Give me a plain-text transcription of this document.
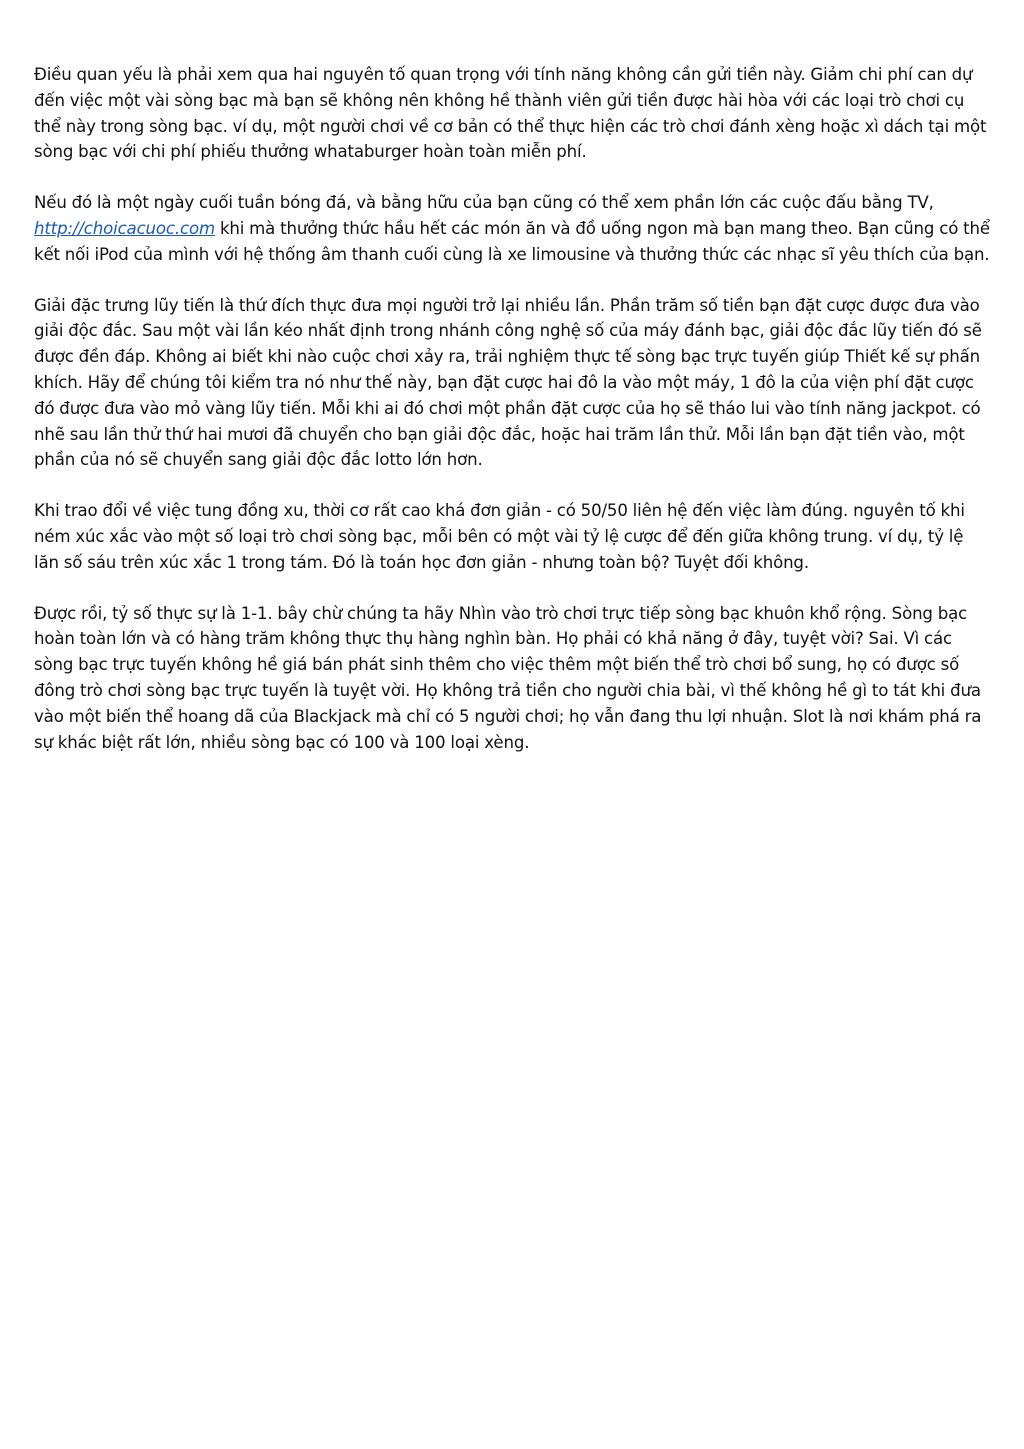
Điều quan yếu là phải xem qua hai nguyên tố quan trọng với tính năng không cần gửi tiền này. Giảm chi phí can dự đến việc một vài sòng bạc mà bạn sẽ không nên không hề thành viên gửi tiền được hài hòa với các loại trò chơi cụ thể này trong sòng bạc. ví dụ, một người chơi về cơ bản có thể thực hiện các trò chơi đánh xèng hoặc xì dách tại một sòng bạc với chi phí phiếu thưởng whataburger hoàn toàn miễn phí.

Nếu đó là một ngày cuối tuần bóng đá, và bằng hữu của bạn cũng có thể xem phần lớn các cuộc đấu bằng TV, http://choicacuoc.com khi mà thưởng thức hầu hết các món ăn và đồ uống ngon mà bạn mang theo. Bạn cũng có thể kết nối iPod của mình với hệ thống âm thanh cuối cùng là xe limousine và thưởng thức các nhạc sĩ yêu thích của bạn.

Giải đặc trưng lũy tiến là thứ đích thực đưa mọi người trở lại nhiều lần. Phần trăm số tiền bạn đặt cược được đưa vào giải độc đắc. Sau một vài lần kéo nhất định trong nhánh công nghệ số của máy đánh bạc, giải độc đắc lũy tiến đó sẽ được đền đáp. Không ai biết khi nào cuộc chơi xảy ra, trải nghiệm thực tế sòng bạc trực tuyến giúp Thiết kế sự phấn khích. Hãy để chúng tôi kiểm tra nó như thế này, bạn đặt cược hai đô la vào một máy, 1 đô la của viện phí đặt cược đó được đưa vào mỏ vàng lũy tiến. Mỗi khi ai đó chơi một phần đặt cược của họ sẽ tháo lui vào tính năng jackpot. có nhẽ sau lần thử thứ hai mươi đã chuyển cho bạn giải độc đắc, hoặc hai trăm lần thử. Mỗi lần bạn đặt tiền vào, một phần của nó sẽ chuyển sang giải độc đắc lotto lớn hơn.

Khi trao đổi về việc tung đồng xu, thời cơ rất cao khá đơn giản - có 50/50 liên hệ đến việc làm đúng. nguyên tố khi ném xúc xắc vào một số loại trò chơi sòng bạc, mỗi bên có một vài tỷ lệ cược để đến giữa không trung. ví dụ, tỷ lệ lăn số sáu trên xúc xắc 1 trong tám. Đó là toán học đơn giản - nhưng toàn bộ? Tuyệt đối không.

Được rồi, tỷ số thực sự là 1-1. bây chừ chúng ta hãy Nhìn vào trò chơi trực tiếp sòng bạc khuôn khổ rộng. Sòng bạc hoàn toàn lớn và có hàng trăm không thực thụ hàng nghìn bàn. Họ phải có khả năng ở đây, tuyệt vời? Sai. Vì các sòng bạc trực tuyến không hề giá bán phát sinh thêm cho việc thêm một biến thể trò chơi bổ sung, họ có được số đông trò chơi sòng bạc trực tuyến là tuyệt vời. Họ không trả tiền cho người chia bài, vì thế không hề gì to tát khi đưa vào một biến thể hoang dã của Blackjack mà chỉ có 5 người chơi; họ vẫn đang thu lợi nhuận. Slot là nơi khám phá ra sự khác biệt rất lớn, nhiều sòng bạc có 100 và 100 loại xèng.
